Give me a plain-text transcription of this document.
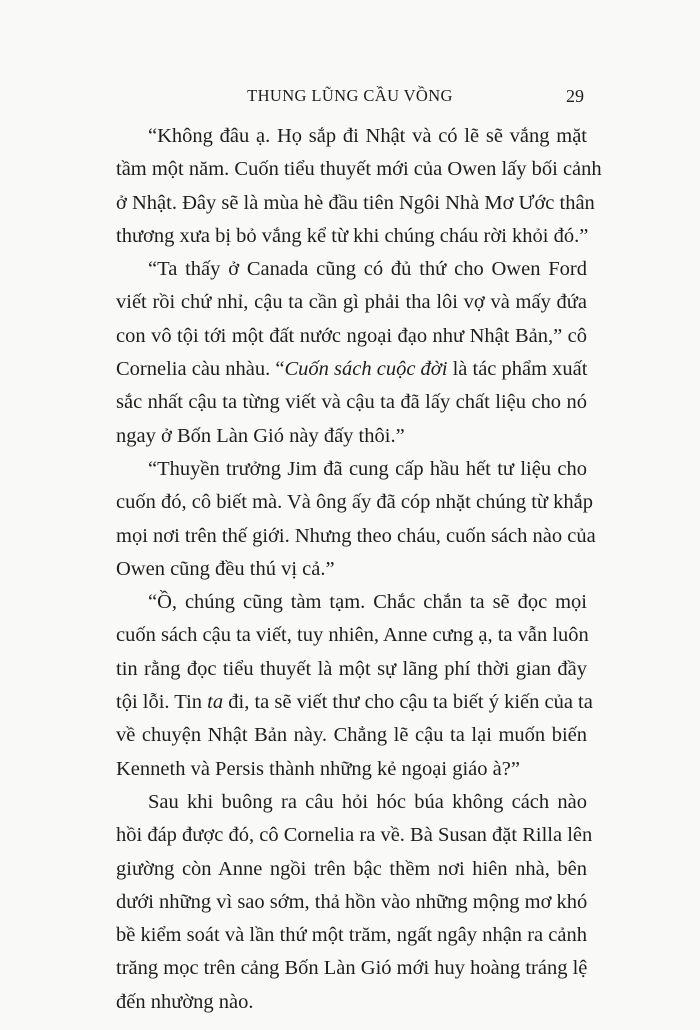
THUNG LŨNG CẦU VỒNG	29

“Không đâu ạ. Họ sắp đi Nhật và có lẽ sẽ vắng mặt
tầm một năm. Cuốn tiểu thuyết mới của Owen lấy bối cảnh
ở Nhật. Đây sẽ là mùa hè đầu tiên Ngôi Nhà Mơ Ước thân
thương xưa bị bỏ vắng kể từ khi chúng cháu rời khỏi đó.”

“Ta thấy ở Canada cũng có đủ thứ cho Owen Ford
viết rồi chứ nhỉ, cậu ta cần gì phải tha lôi vợ và mấy đứa
con vô tội tới một đất nước ngoại đạo như Nhật Bản,” cô
Cornelia càu nhàu. “Cuốn sách cuộc đời là tác phẩm xuất
sắc nhất cậu ta từng viết và cậu ta đã lấy chất liệu cho nó
ngay ở Bốn Làn Gió này đấy thôi.”

“Thuyền trưởng Jim đã cung cấp hầu hết tư liệu cho
cuốn đó, cô biết mà. Và ông ấy đã cóp nhặt chúng từ khắp
mọi nơi trên thế giới. Nhưng theo cháu, cuốn sách nào của
Owen cũng đều thú vị cả.”

“Ồ, chúng cũng tàm tạm. Chắc chắn ta sẽ đọc mọi
cuốn sách cậu ta viết, tuy nhiên, Anne cưng ạ, ta vẫn luôn
tin rằng đọc tiểu thuyết là một sự lãng phí thời gian đầy
tội lỗi. Tin ta đi, ta sẽ viết thư cho cậu ta biết ý kiến của ta
về chuyện Nhật Bản này. Chẳng lẽ cậu ta lại muốn biến
Kenneth và Persis thành những kẻ ngoại giáo à?”

Sau khi buông ra câu hỏi hóc búa không cách nào
hồi đáp được đó, cô Cornelia ra về. Bà Susan đặt Rilla lên
giường còn Anne ngồi trên bậc thềm nơi hiên nhà, bên
dưới những vì sao sớm, thả hồn vào những mộng mơ khó
bề kiểm soát và lần thứ một trăm, ngất ngây nhận ra cảnh
trăng mọc trên cảng Bốn Làn Gió mới huy hoàng tráng lệ
đến nhường nào.
